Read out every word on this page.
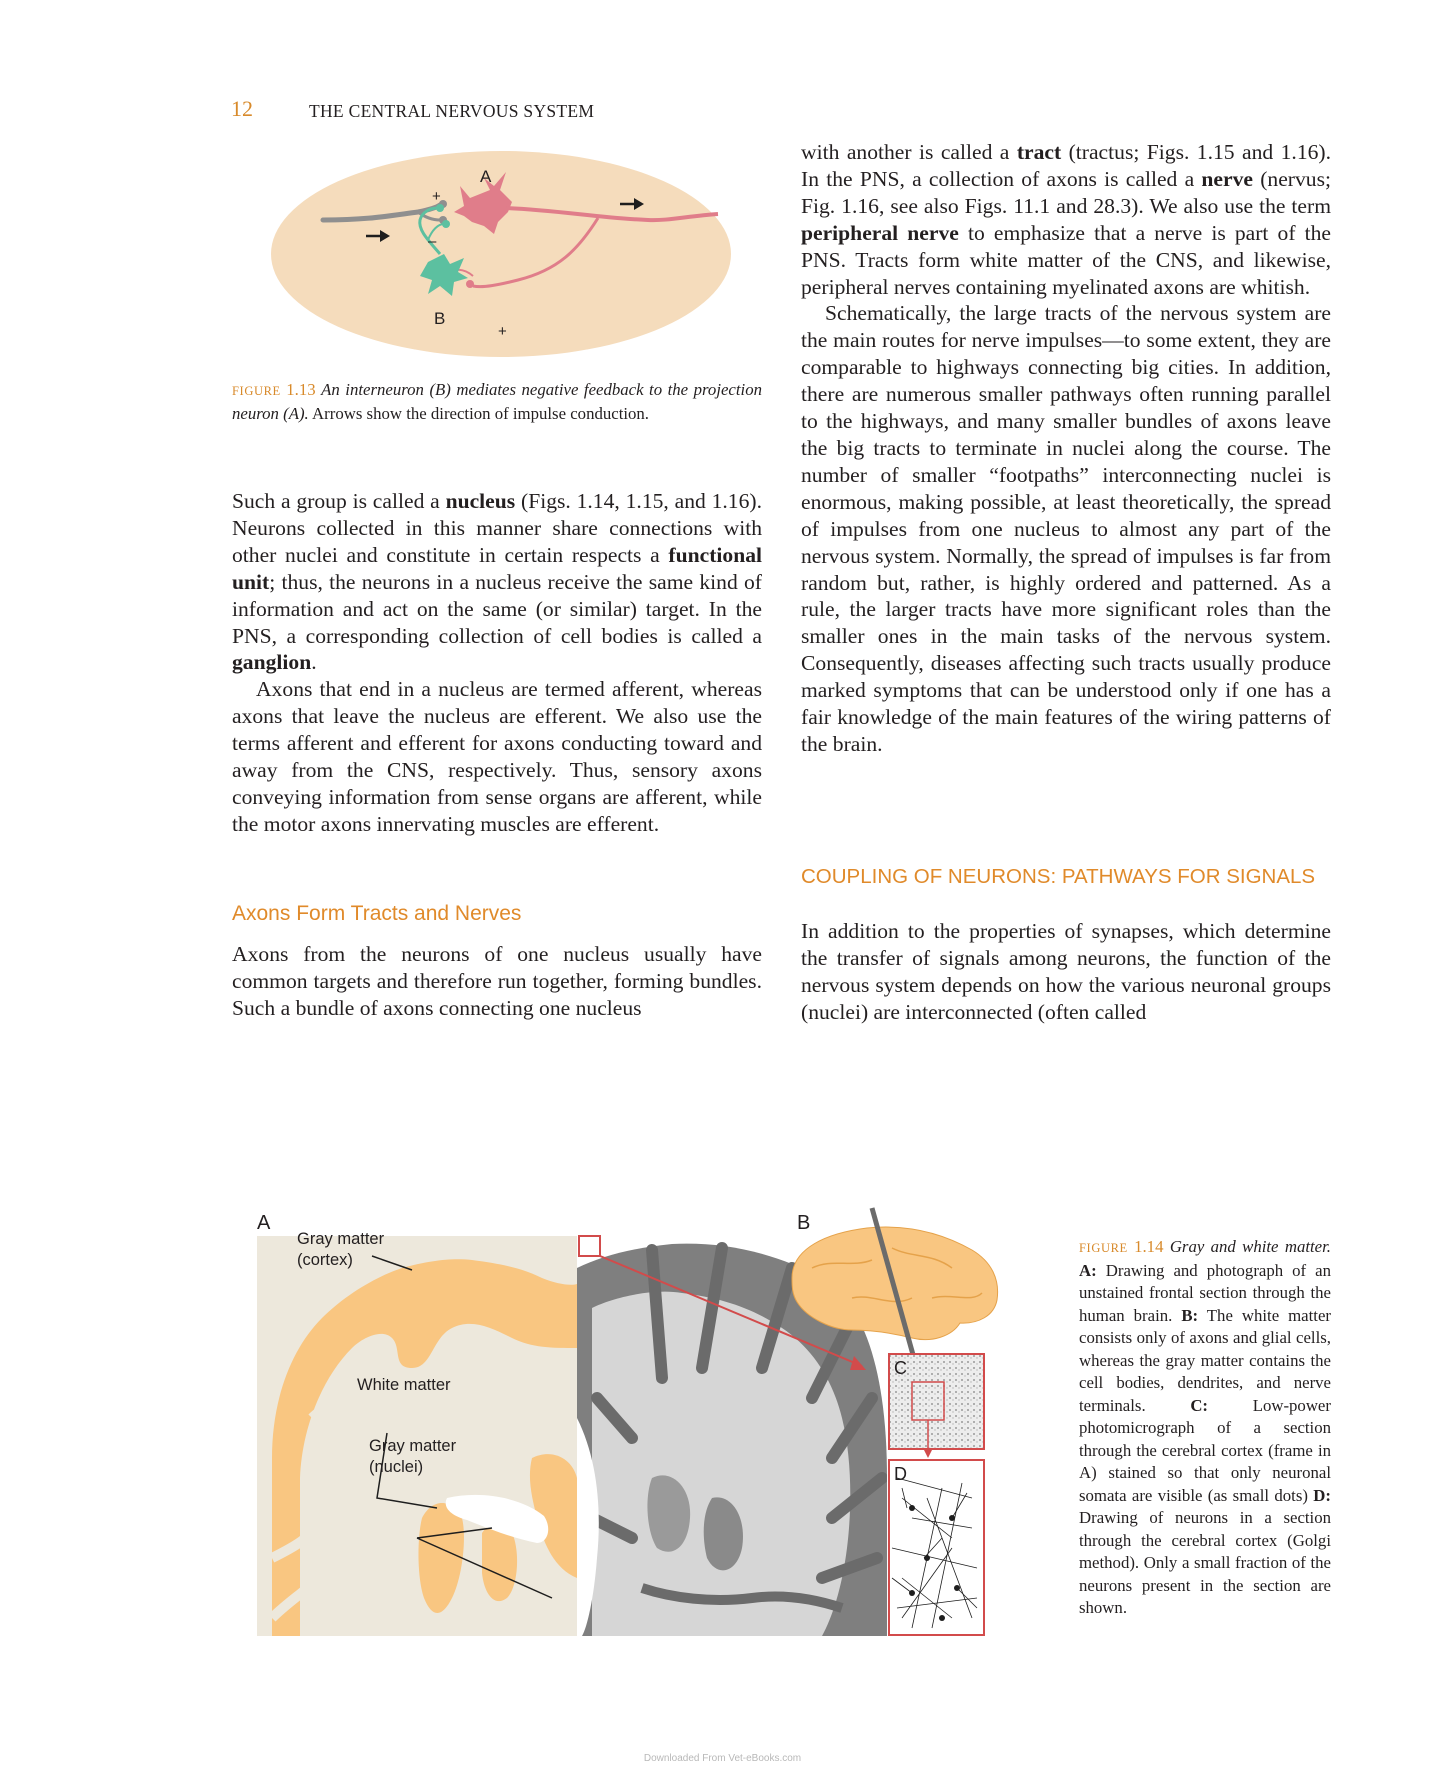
12	THE CENTRAL NERVOUS SYSTEM
A
+
–
B
+
FIGURE 1.13 An interneuron (B) mediates negative feedback to the projection neuron (A). Arrows show the direction of impulse conduction.

Such a group is called a nucleus (Figs. 1.14, 1.15, and 1.16). Neurons collected in this manner share connections with other nuclei and constitute in certain respects a functional unit; thus, the neurons in a nucleus receive the same kind of information and act on the same (or similar) target. In the PNS, a corresponding collection of cell bodies is called a ganglion.

Axons that end in a nucleus are termed afferent, whereas axons that leave the nucleus are efferent. We also use the terms afferent and efferent for axons conducting toward and away from the CNS, respectively. Thus, sensory axons conveying information from sense organs are afferent, while the motor axons innervating muscles are efferent.

Axons Form Tracts and Nerves

Axons from the neurons of one nucleus usually have common targets and therefore run together, forming bundles. Such a bundle of axons connecting one nucleus

with another is called a tract (tractus; Figs. 1.15 and 1.16). In the PNS, a collection of axons is called a nerve (nervus; Fig. 1.16, see also Figs. 11.1 and 28.3). We also use the term peripheral nerve to emphasize that a nerve is part of the PNS. Tracts form white matter of the CNS, and likewise, peripheral nerves containing myelinated axons are whitish.

Schematically, the large tracts of the nervous system are the main routes for nerve impulses—to some extent, they are comparable to highways connecting big cities. In addition, there are numerous smaller pathways often running parallel to the highways, and many smaller bundles of axons leave the big tracts to terminate in nuclei along the course. The number of smaller “footpaths” interconnecting nuclei is enormous, making possible, at least theoretically, the spread of impulses from one nucleus to almost any part of the nervous system. Normally, the spread of impulses is far from random but, rather, is highly ordered and patterned. As a rule, the larger tracts have more significant roles than the smaller ones in the main tasks of the nervous system. Consequently, diseases affecting such tracts usually produce marked symptoms that can be understood only if one has a fair knowledge of the main features of the wiring patterns of the brain.

COUPLING OF NEURONS: PATHWAYS FOR SIGNALS

In addition to the properties of synapses, which determine the transfer of signals among neurons, the function of the nervous system depends on how the various neuronal groups (nuclei) are interconnected (often called

A	B
C
D
Gray matter
(cortex)
White matter
Gray matter
(nuclei)
FIGURE 1.14 Gray and white matter. A: Drawing and photograph of an unstained frontal section through the human brain. B: The white matter consists only of axons and glial cells, whereas the gray matter contains the cell bodies, dendrites, and nerve terminals.	C:	Low-power photomicrograph of a section through the cerebral cortex (frame in A) stained so that only neuronal somata are visible (as small dots) D: Drawing of neurons in a section through the cerebral cortex (Golgi method). Only a small fraction of the neurons present in the section are shown.
Downloaded From Vet-eBooks.com
